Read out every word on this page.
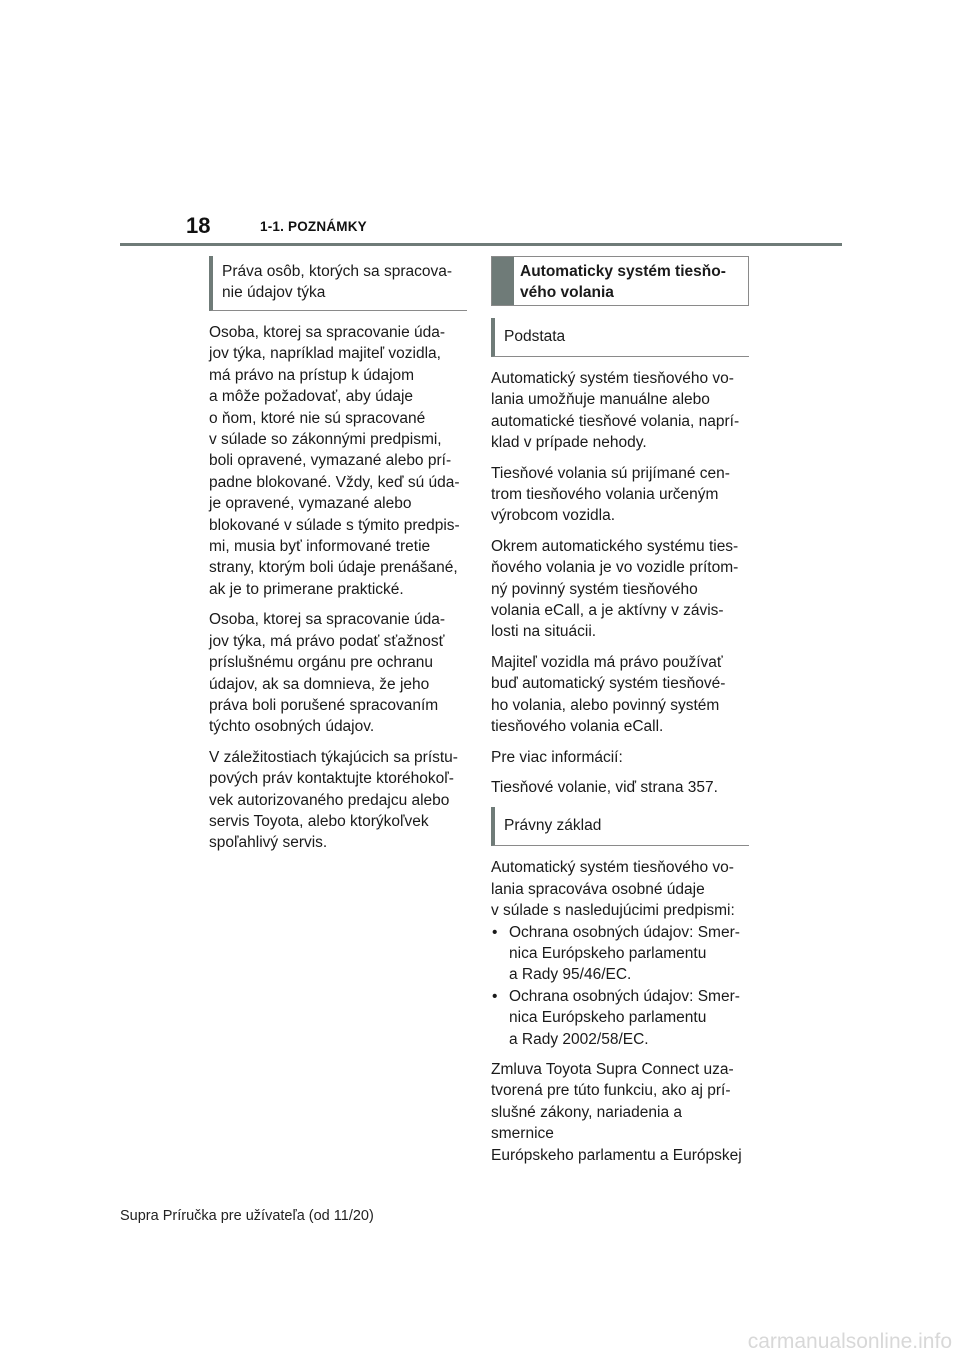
18	1-1. POZNÁMKY
Práva osôb, ktorých sa spracova-
nie údajov týka
Osoba, ktorej sa spracovanie úda-
jov týka, napríklad majiteľ vozidla,
má právo na prístup k údajom
a môže požadovať, aby údaje
o ňom, ktoré nie sú spracované
v súlade so zákonnými predpismi,
boli opravené, vymazané alebo prí-
padne blokované. Vždy, keď sú úda-
je opravené, vymazané alebo
blokované v súlade s týmito predpis-
mi, musia byť informované tretie
strany, ktorým boli údaje prenášané,
ak je to primerane praktické.
Osoba, ktorej sa spracovanie úda-
jov týka, má právo podať sťažnosť
príslušnému orgánu pre ochranu
údajov, ak sa domnieva, že jeho
práva boli porušené spracovaním
týchto osobných údajov.
V záležitostiach týkajúcich sa prístu-
pových práv kontaktujte ktoréhokoľ-
vek autorizovaného predajcu alebo
servis Toyota, alebo ktorýkoľvek
spoľahlivý servis.
Automaticky systém tiesňo-
vého volania
Podstata
Automatický systém tiesňového vo-
lania umožňuje manuálne alebo
automatické tiesňové volania, naprí-
klad v prípade nehody.
Tiesňové volania sú prijímané cen-
trom tiesňového volania určeným
výrobcom vozidla.
Okrem automatického systému ties-
ňového volania je vo vozidle prítom-
ný povinný systém tiesňového
volania eCall, a je aktívny v závis-
losti na situácii.
Majiteľ vozidla má právo používať
buď automatický systém tiesňové-
ho volania, alebo povinný systém
tiesňového volania eCall.
Pre viac informácií:
Tiesňové volanie, viď strana 357.
Právny základ
Automatický systém tiesňového vo-
lania spracováva osobné údaje
v súlade s nasledujúcimi predpismi:
• Ochrana osobných údajov: Smer-
nica Európskeho parlamentu
a Rady 95/46/EC.
• Ochrana osobných údajov: Smer-
nica Európskeho parlamentu
a Rady 2002/58/EC.
Zmluva Toyota Supra Connect uza-
tvorená pre túto funkciu, ako aj prí-
slušné zákony, nariadenia a smernice
Európskeho parlamentu a Európskej
Supra Príručka pre užívateľa (od 11/20)
carmanualsonline.info
